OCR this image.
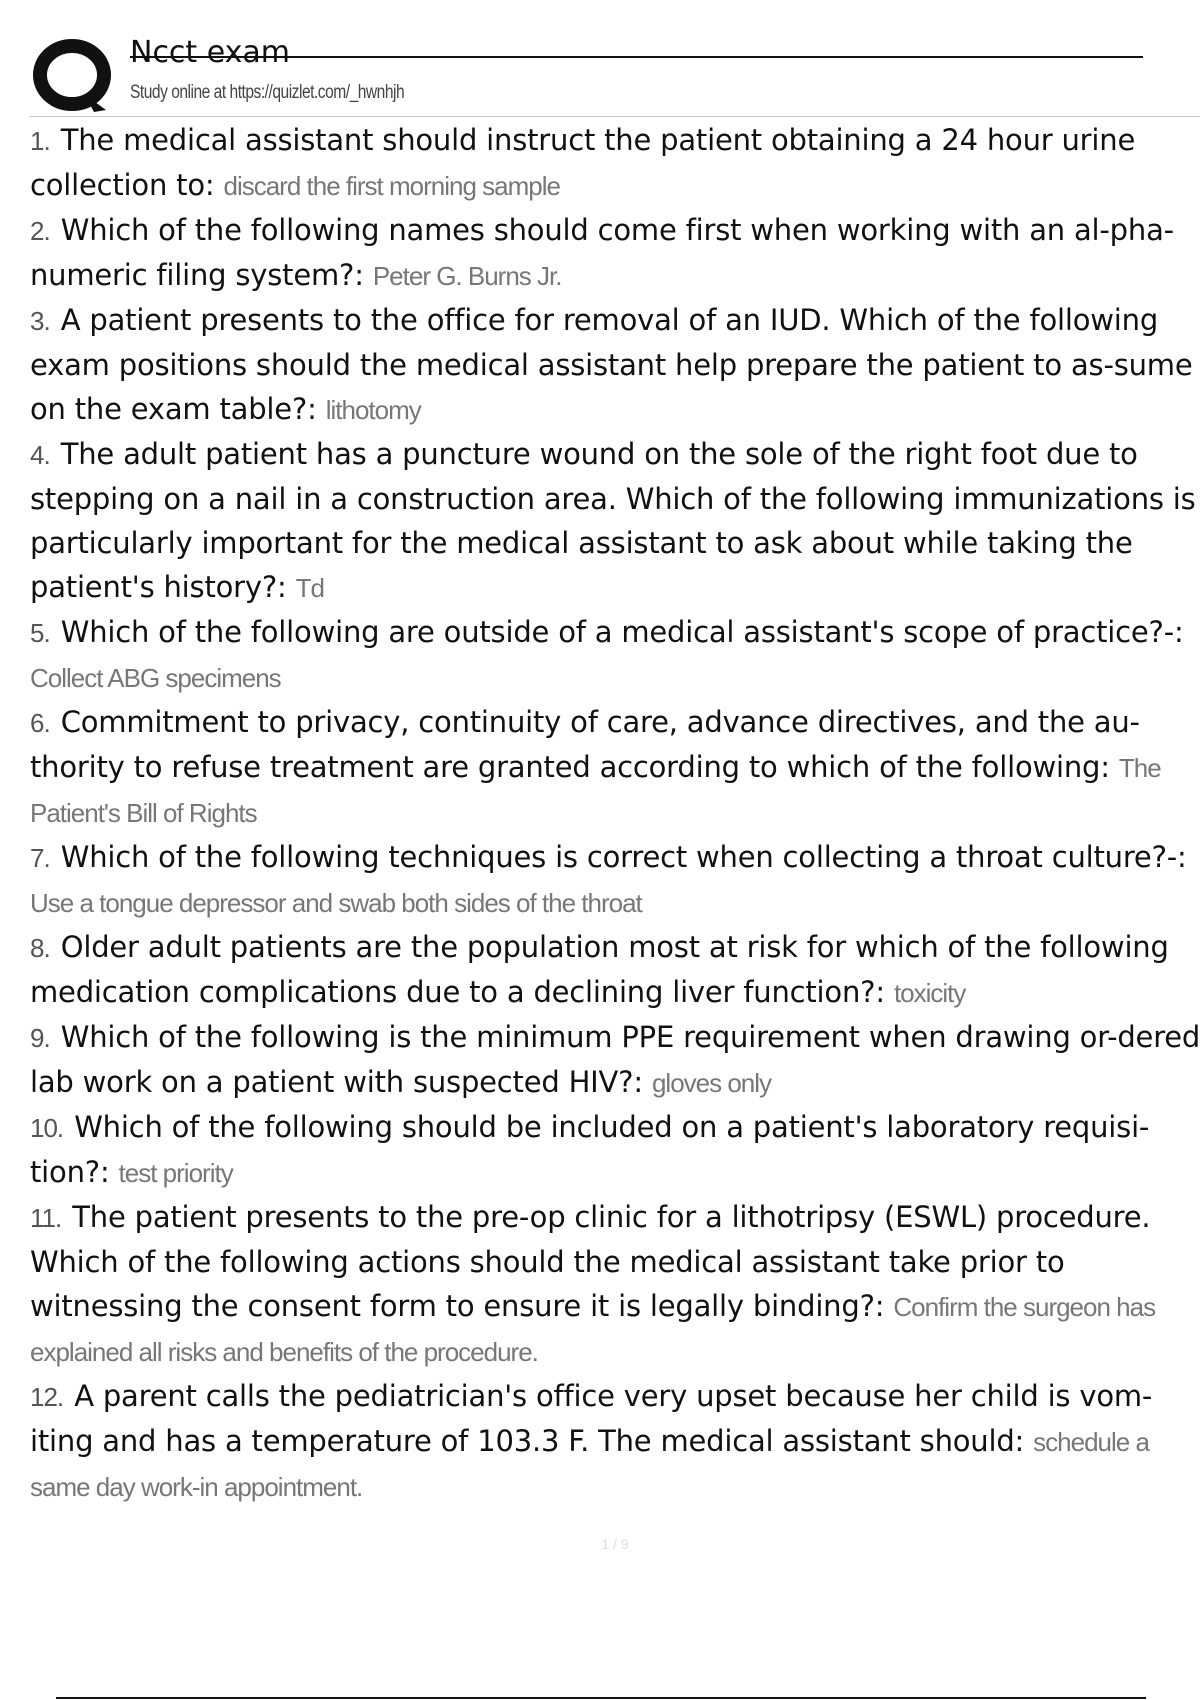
Ncct exam
Study online at https://quizlet.com/_hwnhjh

1. The medical assistant should instruct the patient obtaining a 24 hour urine collection to: discard the first morning sample

2. Which of the following names should come first when working with an al-pha-numeric filing system?: Peter G. Burns Jr.

3. A patient presents to the office for removal of an IUD. Which of the following exam positions should the medical assistant help prepare the patient to as-sume on the exam table?: lithotomy

4. The adult patient has a puncture wound on the sole of the right foot due to stepping on a nail in a construction area. Which of the following immunizations is particularly important for the medical assistant to ask about while taking the patient's history?: Td

5. Which of the following are outside of a medical assistant's scope of practice?-: Collect ABG specimens

6. Commitment to privacy, continuity of care, advance directives, and the au-thority to refuse treatment are granted according to which of the following: The Patient's Bill of Rights

7. Which of the following techniques is correct when collecting a throat culture?-: Use a tongue depressor and swab both sides of the throat

8. Older adult patients are the population most at risk for which of the following medication complications due to a declining liver function?: toxicity

9. Which of the following is the minimum PPE requirement when drawing or-dered lab work on a patient with suspected HIV?: gloves only

10. Which of the following should be included on a patient's laboratory requisi-tion?: test priority

11. The patient presents to the pre-op clinic for a lithotripsy (ESWL) procedure. Which of the following actions should the medical assistant take prior to witnessing the consent form to ensure it is legally binding?: Confirm the surgeon has explained all risks and benefits of the procedure.

12. A parent calls the pediatrician's office very upset because her child is vom-iting and has a temperature of 103.3 F. The medical assistant should: schedule a same day work-in appointment.

1 / 9
